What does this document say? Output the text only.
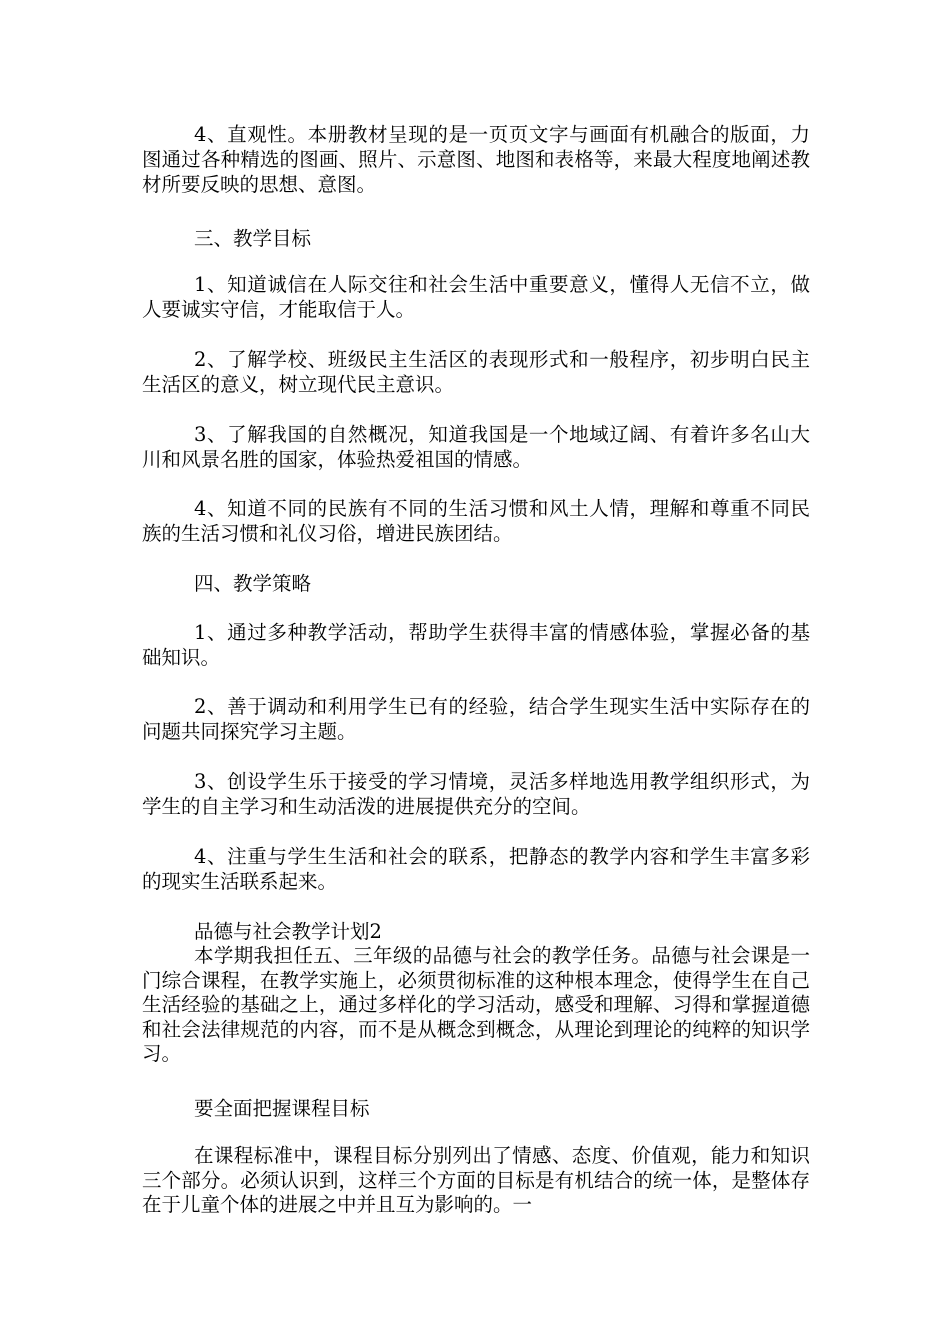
4、直观性。本册教材呈现的是一页页文字与画面有机融合的版面，力图通过各种精选的图画、照片、示意图、地图和表格等，来最大程度地阐述教材所要反映的思想、意图。

三、教学目标

1、知道诚信在人际交往和社会生活中重要意义，懂得人无信不立，做人要诚实守信，才能取信于人。

2、了解学校、班级民主生活区的表现形式和一般程序，初步明白民主生活区的意义，树立现代民主意识。

3、了解我国的自然概况，知道我国是一个地域辽阔、有着许多名山大川和风景名胜的国家，体验热爱祖国的情感。

4、知道不同的民族有不同的生活习惯和风土人情，理解和尊重不同民族的生活习惯和礼仪习俗，增进民族团结。

四、教学策略

1、通过多种教学活动，帮助学生获得丰富的情感体验，掌握必备的基础知识。

2、善于调动和利用学生已有的经验，结合学生现实生活中实际存在的问题共同探究学习主题。

3、创设学生乐于接受的学习情境，灵活多样地选用教学组织形式，为学生的自主学习和生动活泼的进展提供充分的空间。

4、注重与学生生活和社会的联系，把静态的教学内容和学生丰富多彩的现实生活联系起来。

品德与社会教学计划2

本学期我担任五、三年级的品德与社会的教学任务。品德与社会课是一门综合课程，在教学实施上，必须贯彻标准的这种根本理念，使得学生在自己生活经验的基础之上，通过多样化的学习活动，感受和理解、习得和掌握道德和社会法律规范的内容，而不是从概念到概念，从理论到理论的纯粹的知识学习。

要全面把握课程目标

在课程标准中，课程目标分别列出了情感、态度、价值观，能力和知识三个部分。必须认识到，这样三个方面的目标是有机结合的统一体，是整体存在于儿童个体的进展之中并且互为影响的。一
